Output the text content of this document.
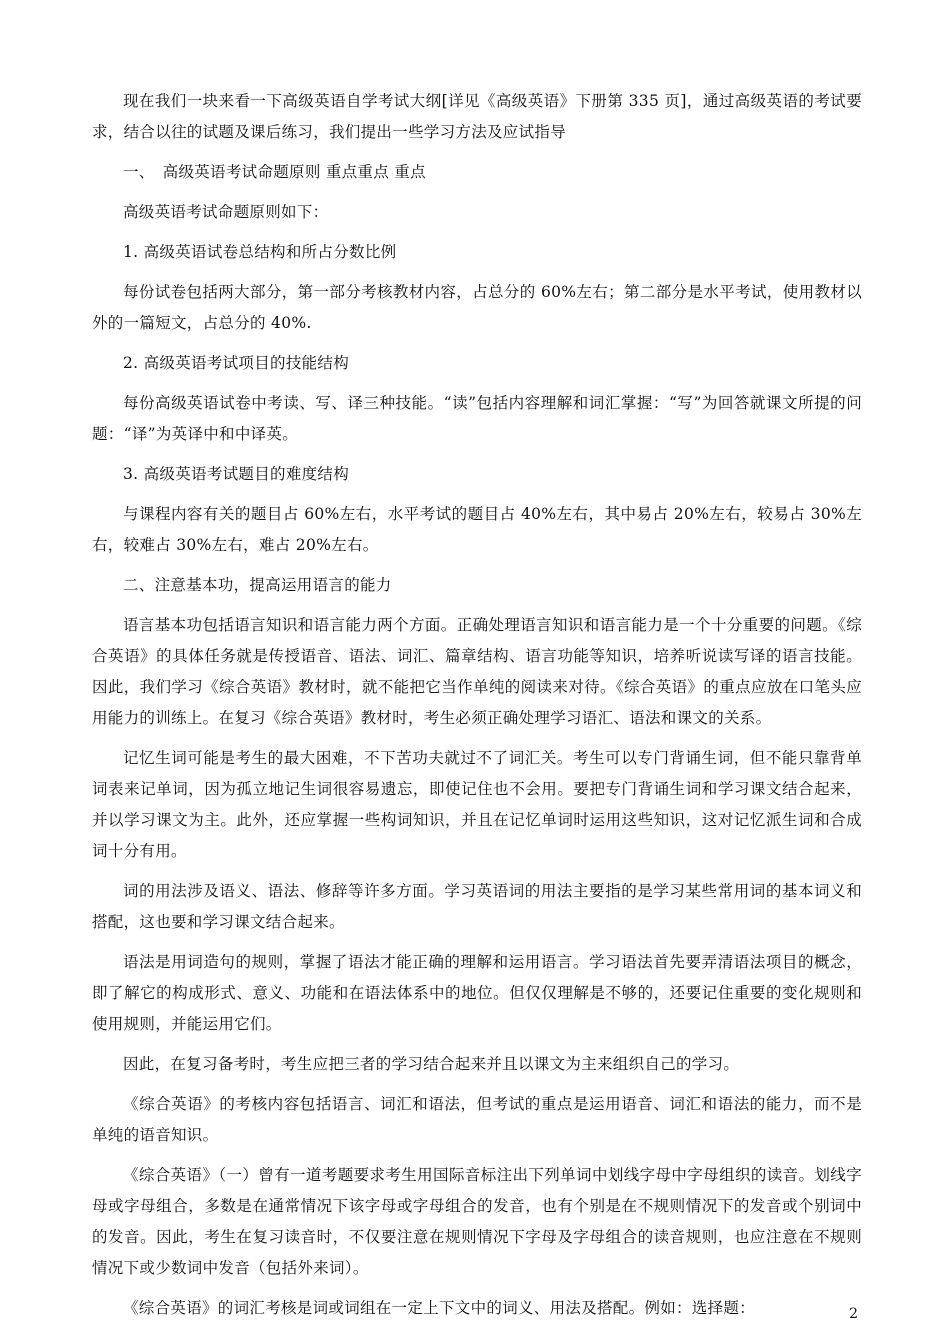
现在我们一块来看一下高级英语自学考试大纲[详见《高级英语》下册第 335 页]，通过高级英语的考试要求，结合以往的试题及课后练习，我们提出一些学习方法及应试指导

一、　高级英语考试命题原则 重点重点 重点

高级英语考试命题原则如下：

1. 高级英语试卷总结构和所占分数比例

每份试卷包括两大部分，第一部分考核教材内容，占总分的 60%左右；第二部分是水平考试，使用教材以外的一篇短文，占总分的 40%.

2. 高级英语考试项目的技能结构

每份高级英语试卷中考读、写、译三种技能。“读”包括内容理解和词汇掌握：“写”为回答就课文所提的问题：“译”为英译中和中译英。

3. 高级英语考试题目的难度结构

与课程内容有关的题目占 60%左右，水平考试的题目占 40%左右，其中易占 20%左右，较易占 30%左右，较难占 30%左右，难占 20%左右。

二、注意基本功，提高运用语言的能力

语言基本功包括语言知识和语言能力两个方面。正确处理语言知识和语言能力是一个十分重要的问题。《综合英语》的具体任务就是传授语音、语法、词汇、篇章结构、语言功能等知识，培养听说读写译的语言技能。因此，我们学习《综合英语》教材时，就不能把它当作单纯的阅读来对待。《综合英语》的重点应放在口笔头应用能力的训练上。在复习《综合英语》教材时，考生必须正确处理学习语汇、语法和课文的关系。

记忆生词可能是考生的最大困难，不下苦功夫就过不了词汇关。考生可以专门背诵生词，但不能只靠背单词表来记单词，因为孤立地记生词很容易遗忘，即使记住也不会用。要把专门背诵生词和学习课文结合起来，并以学习课文为主。此外，还应掌握一些构词知识，并且在记忆单词时运用这些知识，这对记忆派生词和合成词十分有用。

词的用法涉及语义、语法、修辞等许多方面。学习英语词的用法主要指的是学习某些常用词的基本词义和搭配，这也要和学习课文结合起来。

语法是用词造句的规则，掌握了语法才能正确的理解和运用语言。学习语法首先要弄清语法项目的概念，即了解它的构成形式、意义、功能和在语法体系中的地位。但仅仅理解是不够的，还要记住重要的变化规则和使用规则，并能运用它们。

因此，在复习备考时，考生应把三者的学习结合起来并且以课文为主来组织自己的学习。

《综合英语》的考核内容包括语言、词汇和语法，但考试的重点是运用语音、词汇和语法的能力，而不是单纯的语音知识。

《综合英语》（一）曾有一道考题要求考生用国际音标注出下列单词中划线字母中字母组织的读音。划线字母或字母组合，多数是在通常情况下该字母或字母组合的发音，也有个别是在不规则情况下的发音或个别词中的发音。因此，考生在复习读音时，不仅要注意在规则情况下字母及字母组合的读音规则，也应注意在不规则情况下或少数词中发音（包括外来词）。

《综合英语》的词汇考核是词或词组在一定上下文中的词义、用法及搭配。例如：选择题：	2
